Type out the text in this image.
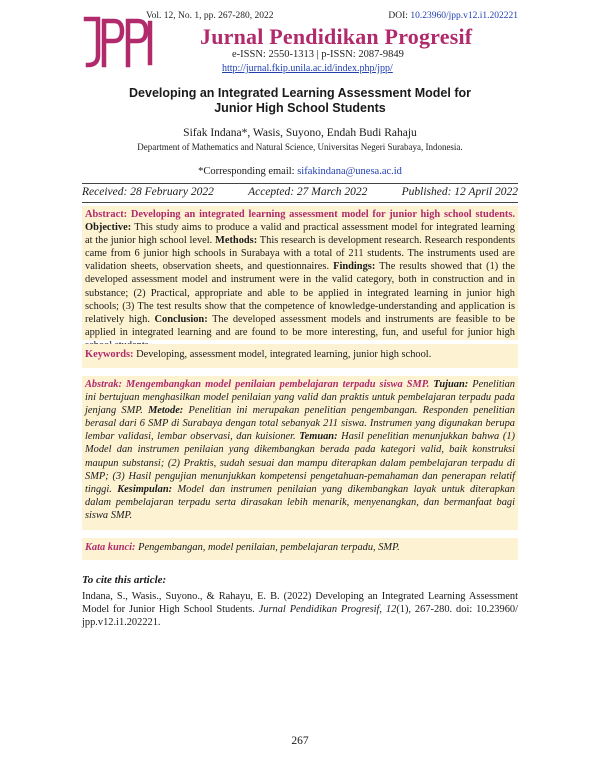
Vol. 12, No. 1, pp. 267-280, 2022	DOI: 10.23960/jpp.v12.i1.202221
Jurnal Pendidikan Progresif
e-ISSN: 2550-1313 | p-ISSN: 2087-9849
http://jurnal.fkip.unila.ac.id/index.php/jpp/
Developing an Integrated Learning Assessment Model for
Junior High School Students
Sifak Indana*, Wasis, Suyono, Endah Budi Rahaju
Department of Mathematics and Natural Science, Universitas Negeri Surabaya, Indonesia.
*Corresponding email: sifakindana@unesa.ac.id
Received: 28 February 2022	Accepted: 27 March 2022	Published: 12 April 2022

Abstract: Developing an integrated learning assessment model for junior high school students. Objective: This study aims to produce a valid and practical assessment model for integrated learning at the junior high school level. Methods: This research is development research. Research respondents came from 6 junior high schools in Surabaya with a total of 211 students. The instruments used are validation sheets, observation sheets, and questionnaires. Findings: The results showed that (1) the developed assessment model and instrument were in the valid category, both in construction and in substance; (2) Practical, appropriate and able to be applied in integrated learning in junior high schools; (3) The test results show that the competence of knowledge-understanding and application is relatively high. Conclusion: The developed assessment models and instruments are feasible to be applied in integrated learning and are found to be more interesting, fun, and useful for junior high

Keywords: Developing, assessment model, integrated learning, junior high school.

Abstrak: Mengembangkan model penilaian pembelajaran terpadu siswa SMP. Tujuan: Penelitian ini bertujuan menghasilkan model penilaian yang valid dan praktis untuk pembelajaran terpadu pada jenjang SMP. Metode: Penelitian ini merupakan penelitian pengembangan. Responden penelitian berasal dari 6 SMP di Surabaya dengan total sebanyak 211 siswa. Instrumen yang digunakan berupa lembar validasi, lembar observasi, dan kuisioner. Temuan: Hasil penelitian menunjukkan bahwa (1) Model dan instrumen penilaian yang dikembangkan berada pada kategori valid, baik konstruksi maupun substansi; (2) Praktis, sudah sesuai dan mampu diterapkan dalam pembelajaran terpadu di SMP; (3) Hasil pengujian menunjukkan kompetensi pengetahuan-pemahaman dan penerapan relatif tinggi. Kesimpulan: Model dan instrumen penilaian yang dikembangkan layak untuk diterapkan dalam pembelajaran terpadu serta dirasakan lebih menarik, menyenangkan, dan bermanfaat bagi siswa SMP.

Kata kunci: Pengembangan, model penilaian, pembelajaran terpadu, SMP.

To cite this article:
Indana, S., Wasis., Suyono., & Rahayu, E. B. (2022) Developing an Integrated Learning Assessment Model for Junior High School Students. Jurnal Pendidikan Progresif, 12(1), 267-280. doi: 10.23960/ jpp.v12.i1.202221.
267
